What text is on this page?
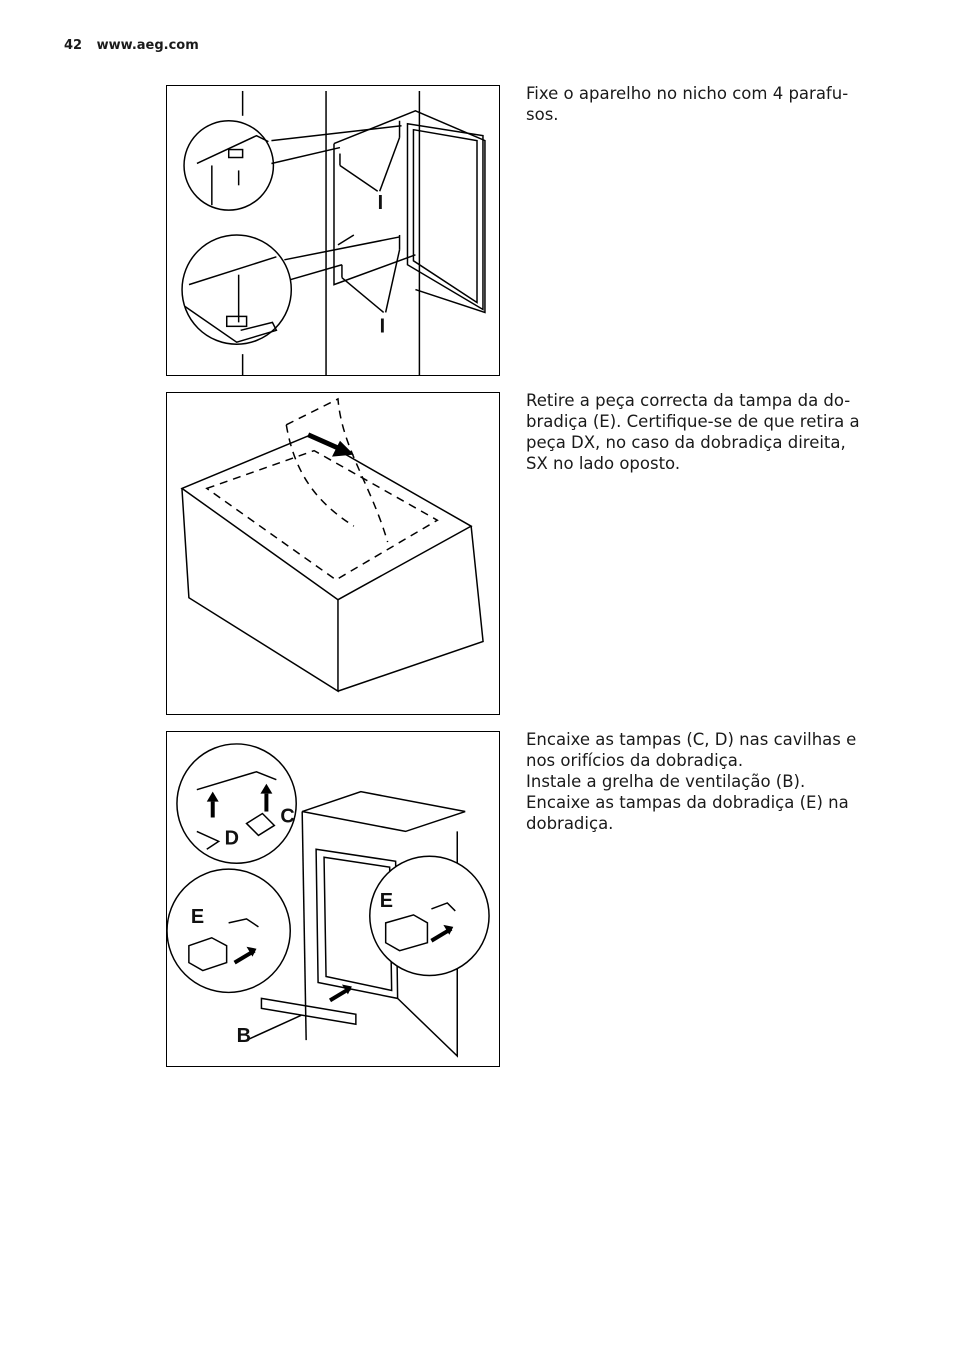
42 www.aeg.com
I
I

Fixe o aparelho no nicho com 4 parafu-

sos.

Retire a peça correcta da tampa da do-

bradiça (E). Certifique-se de que retira a

peça DX, no caso da dobradiça direita,

SX no lado oposto.

C
D
E
E
B

Encaixe as tampas (C, D) nas cavilhas e

nos orifícios da dobradiça.

Instale a grelha de ventilação (B).

Encaixe as tampas da dobradiça (E) na

dobradiça.
